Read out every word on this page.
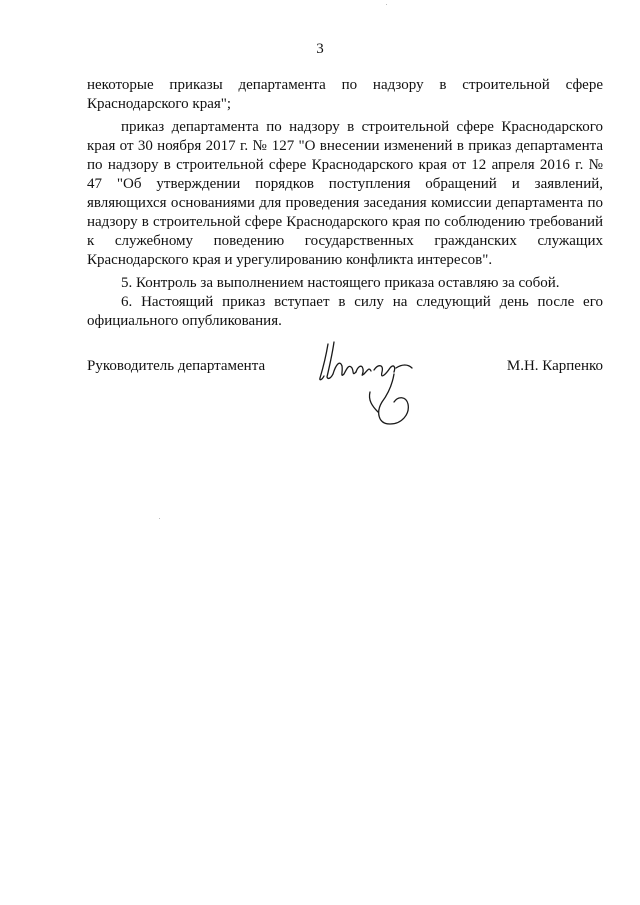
3

некоторые приказы департамента по надзору в строительной сфере Краснодарского края";

приказ департамента по надзору в строительной сфере Краснодарского края от 30 ноября 2017 г. № 127 "О внесении изменений в приказ департамента по надзору в строительной сфере Краснодарского края от 12 апреля 2016 г. № 47 "Об утверждении порядков поступления обращений и заявлений, являющихся основаниями для проведения заседания комиссии департамента по надзору в строительной сфере Краснодарского края по соблюдению требований к служебному поведению государственных гражданских служащих Краснодарского края и урегулированию конфликта интересов".

5. Контроль за выполнением настоящего приказа оставляю за собой.

6. Настоящий приказ вступает в силу на следующий день после его официального опубликования.

Руководитель департамента	М.Н. Карпенко
